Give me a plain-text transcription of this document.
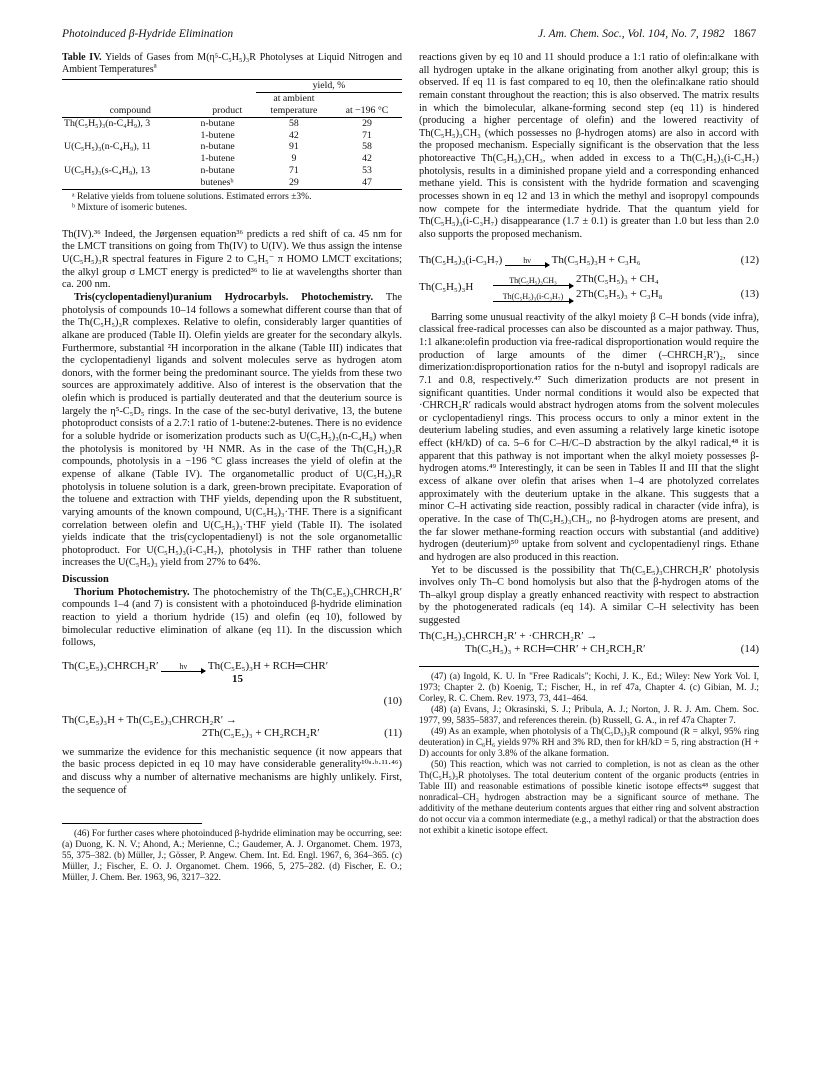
Photoinduced β-Hydride Elimination	J. Am. Chem. Soc., Vol. 104, No. 7, 1982 1867
Table IV. Yields of Gases from M(η⁵-C₅H₅)₃R Photolyses at Liquid Nitrogen and Ambient Temperatures$^a$
		yield, %	
compound	product	at ambient temperature	at −196 °C
Th(C₅H₅)₃(n-C₄H₉), 3	n-butane	58	29
	1-butene	42	71
U(C₅H₅)₃(n-C₄H₉), 11	n-butane	91	58
	1-butene	9	42
U(C₅H₅)₃(s-C₄H₉), 13	n-butane	71	53
	butenesᵇ	29	47
ᵃ Relative yields from toluene solutions. Estimated errors ±3%.
ᵇ Mixture of isomeric butenes.

Th(IV).³⁶ Indeed, the Jørgensen equation³⁶ predicts a red shift of ca. 45 nm for the LMCT transitions on going from Th(IV) to U(IV). We thus assign the intense U(C₅H₅)₃R spectral features in Figure 2 to C₅H₅⁻ π HOMO LMCT excitations; the alkyl group σ LMCT energy is predicted³⁶ to lie at wavelengths shorter than ca. 200 nm.

Tris(cyclopentadienyl)uranium Hydrocarbyls. Photochemistry. The photolysis of compounds 10–14 follows a somewhat different course than that of the Th(C₅H₅)₃R complexes. Relative to olefin, considerably larger quantities of alkane are produced (Table II). Olefin yields are greater for the secondary alkyls. Furthermore, substantial ²H incorporation in the alkane (Table III) indicates that the cyclopentadienyl ligands and solvent molecules serve as hydrogen atom donors, with the former being the predominant source. The yields from these two sources are approximately additive. Also of interest is the observation that the olefin which is produced is partially deuterated and that the deuterium source is largely the η⁵-C₅D₅ rings. In the case of the sec-butyl derivative, 13, the butene photoproduct consists of a 2.7:1 ratio of 1-butene:2-butenes. There is no evidence for a soluble hydride or isomerization products such as U(C₅H₅)₃(n-C₄H₉) when the photolysis is monitored by ¹H NMR. As in the case of the Th(C₅H₅)₃R compounds, photolysis in a −196 °C glass increases the yield of olefin at the expense of alkane (Table IV). The organometallic product of U(C₅H₅)₃R photolysis in toluene solution is a dark, green-brown precipitate. Evaporation of the toluene and extraction with THF yields, depending upon the R substituent, varying amounts of the known compound, U(C₅H₅)₃·THF. There is a significant correlation between olefin and U(C₅H₅)₃·THF yield (Table II). The isolated yields indicate that the tris(cyclopentadienyl) is not the sole organometallic photoproduct. For U(C₅H₅)₃(i-C₃H₇), photolysis in THF rather than toluene increases the U(C₅H₅)₃ yield from 27% to 64%.

Discussion

Thorium Photochemistry. The photochemistry of the Th(C₅E₅)₃CHRCH₂R′ compounds 1–4 (and 7) is consistent with a photoinduced β-hydride elimination reaction to yield a thorium hydride (15) and olefin (eq 10), followed by bimolecular reductive elimination of alkane (eq 11). In the discussion which follows,

Th(C₅E₅)₃CHRCH₂R′	hν	Th(C₅E₅)₃H + RCH═CHR′
15
(10)
Th(C₅E₅)₃H + Th(C₅E₅)₃CHRCH₂R′ →
2Th(C₅E₅)₃ + CH₂RCH₂R′	(11)

we summarize the evidence for this mechanistic sequence (it now appears that the basic process depicted in eq 10 may have considerable generality¹⁰ᵃ·ᵇ·¹¹·⁴⁶) and discuss why a number of alternative mechanisms are highly unlikely. First, the sequence of

(46) For further cases where photoinduced β-hydride elimination may be occurring, see: (a) Duong, K. N. V.; Ahond, A.; Merienne, C.; Gaudemer, A. J. Organomet. Chem. 1973, 55, 375–382. (b) Müller, J.; Gösser, P. Angew. Chem. Int. Ed. Engl. 1967, 6, 364–365. (c) Müller, J.; Fischer, E. O. J. Organomet. Chem. 1966, 5, 275–282. (d) Fischer, E. O.; Müller, J. Chem. Ber. 1963, 96, 3217–322.

reactions given by eq 10 and 11 should produce a 1:1 ratio of olefin:alkane with all hydrogen uptake in the alkane originating from another alkyl group; this is observed. If eq 11 is fast compared to eq 10, then the olefin:alkane ratio should remain constant throughout the reaction; this is also observed. The matrix results in which the bimolecular, alkane-forming second step (eq 11) is hindered (producing a higher percentage of olefin) and the lowered reactivity of Th(C₅H₅)₃CH₃ (which possesses no β-hydrogen atoms) are also in accord with the proposed mechanism. Especially significant is the observation that the less photoreactive Th(C₅H₅)₃CH₃, when added in excess to a Th(C₅H₅)₃(i-C₃H₇) photolysis, results in a diminished propane yield and a corresponding enhanced methane yield. This is consistent with the hydride formation and scavenging processes shown in eq 12 and 13 in which the methyl and isopropyl compounds now compete for the intermediate hydride. That the quantum yield for Th(C₅H₅)₃(i-C₃H₇) disappearance (1.7 ± 0.1) is greater than 1.0 but less than 2.0 also supports the proposed mechanism.

Th(C₅H₅)₃(i-C₃H₇)	hν	Th(C₅H₅)₃H + C₃H₆	(12)
Th(C₅H₅)₃H	Th(C₅H₅)₃CH₃	2Th(C₅H₅)₃ + CH₄
Th(C₅H₅)₃(i-C₃H₇)	2Th(C₅H₅)₃ + C₃H₈	(13)

Barring some unusual reactivity of the alkyl moiety β C–H bonds (vide infra), classical free-radical processes can also be discounted as a major pathway. Thus, 1:1 alkane:olefin production via free-radical disproportionation would require the production of large amounts of the dimer (–CHRCH₂R′)₂, since dimerization:disproportionation ratios for the n-butyl and isopropyl radicals are 7.1 and 0.8, respectively.⁴⁷ Such dimerization products are not present in significant quantities. Under normal conditions it would also be expected that ·CHRCH₂R′ radicals would abstract hydrogen atoms from the solvent molecules or cyclopentadienyl rings. This process occurs to only a minor extent in the deuterium labeling studies, and even assuming a relatively large kinetic isotope effect (kH/kD) of ca. 5–6 for C–H/C–D abstraction by the alkyl radical,⁴⁸ it is apparent that this pathway is not important when the alkyl moiety possesses β-hydrogen atoms.⁴⁹ Interestingly, it can be seen in Tables II and III that the slight excess of alkane over olefin that arises when 1–4 are photolyzed correlates approximately with the deuterium uptake in the alkane. This suggests that a minor C–H activating side reaction, possibly radical in character (vide infra), is operative. In the case of Th(C₅H₅)₃CH₃, no β-hydrogen atoms are present, and the far slower methane-forming reaction occurs with substantial (and additive) hydrogen (deuterium)⁵⁰ uptake from solvent and cyclopentadienyl rings. Ethane and hydrogen are also produced in this reaction.

Yet to be discussed is the possibility that Th(C₅E₅)₃CHRCH₂R′ photolysis involves only Th–C bond homolysis but also that the β-hydrogen atoms of the Th–alkyl group display a greatly enhanced reactivity with respect to abstraction by the photogenerated radicals (eq 14). A similar C–H selectivity has been suggested

Th(C₅H₅)₃CHRCH₂R′ + ·CHRCH₂R′ →
Th(C₅H₅)₃ + RCH═CHR′ + CH₂RCH₂R′	(14)

(47) (a) Ingold, K. U. In "Free Radicals"; Kochi, J. K., Ed.; Wiley: New York Vol. I, 1973; Chapter 2. (b) Koenig, T.; Fischer, H., in ref 47a, Chapter 4. (c) Gibian, M. J.; Corley, R. C. Chem. Rev. 1973, 73, 441–464.

(48) (a) Evans, J.; Okrasinski, S. J.; Pribula, A. J.; Norton, J. R. J. Am. Chem. Soc. 1977, 99, 5835–5837, and references therein. (b) Russell, G. A., in ref 47a Chapter 7.

(49) As an example, when photolysis of a Th(C₅D₅)₃R compound (R = alkyl, 95% ring deuteration) in C₆H₆ yields 97% RH and 3% RD, then for kH/kD = 5, ring abstraction (H + D) accounts for only 3.8% of the alkane formation.

(50) This reaction, which was not carried to completion, is not as clean as the other Th(C₅H₅)₃R photolyses. The total deuterium content of the organic products (entries in Table III) and reasonable estimations of possible kinetic isotope effects⁴⁸ suggest that nonradical–CH₃ hydrogen abstraction may be a significant source of methane. The additivity of the methane deuterium contents argues that either ring and solvent abstraction do not occur via a common intermediate (e.g., a methyl radical) or that the abstraction does not exhibit a kinetic isotope effect.
